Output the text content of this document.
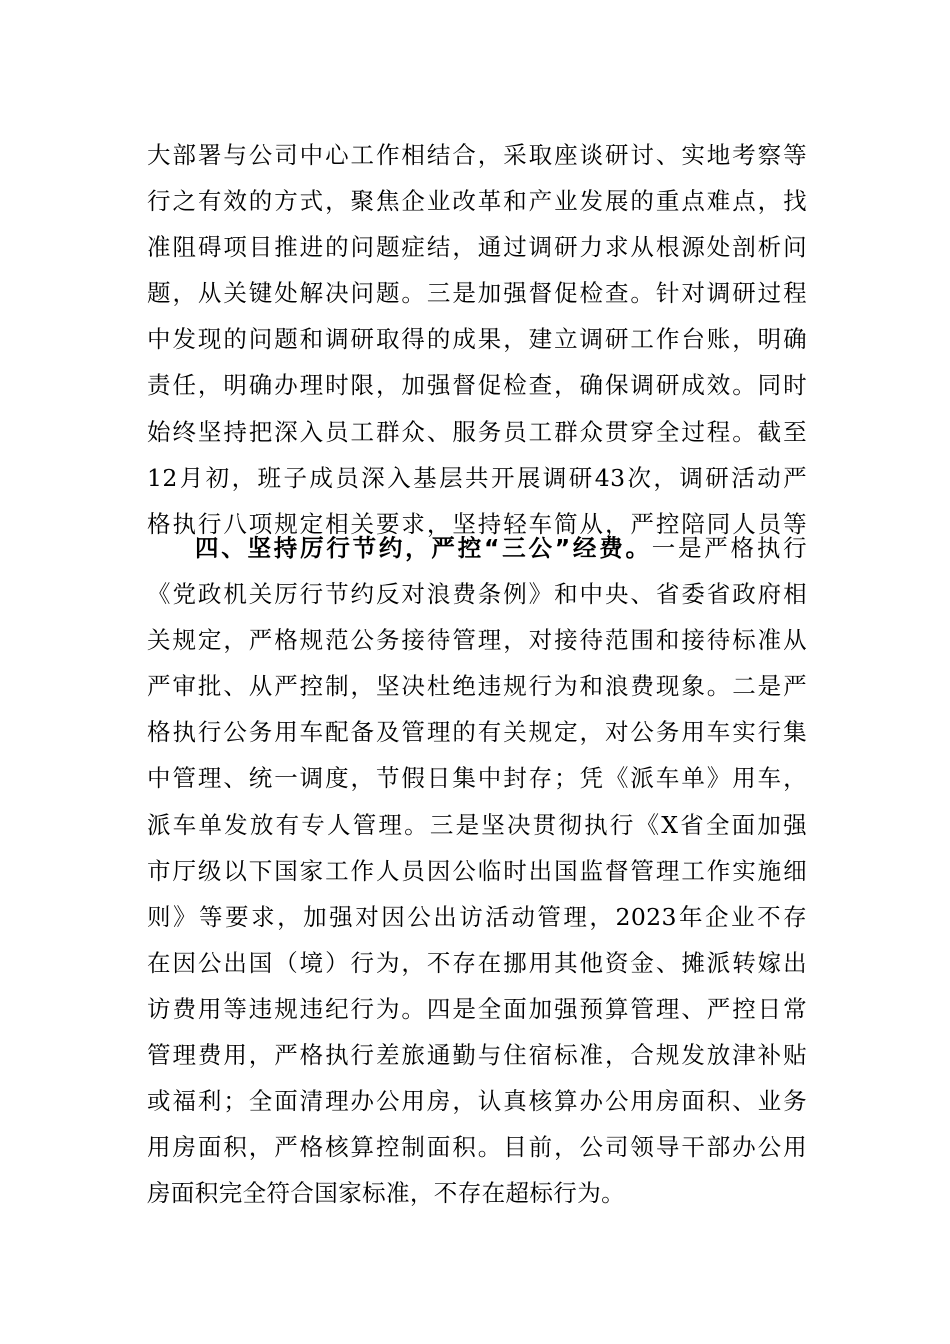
大部署与公司中心工作相结合，采取座谈研讨、实地考察等
行之有效的方式，聚焦企业改革和产业发展的重点难点，找
准阻碍项目推进的问题症结，通过调研力求从根源处剖析问
题，从关键处解决问题。三是加强督促检查。针对调研过程
中发现的问题和调研取得的成果，建立调研工作台账，明确
责任，明确办理时限，加强督促检查，确保调研成效。同时
始终坚持把深入员工群众、服务员工群众贯穿全过程。截至
12月初，班子成员深入基层共开展调研43次，调研活动严
格执行八项规定相关要求，坚持轻车简从，严控陪同人员等
四、坚持厉行节约，严控“三公”经费。一是严格执行
《党政机关厉行节约反对浪费条例》和中央、省委省政府相
关规定，严格规范公务接待管理，对接待范围和接待标准从
严审批、从严控制，坚决杜绝违规行为和浪费现象。二是严
格执行公务用车配备及管理的有关规定，对公务用车实行集
中管理、统一调度，节假日集中封存；凭《派车单》用车，
派车单发放有专人管理。三是坚决贯彻执行《X省全面加强
市厅级以下国家工作人员因公临时出国监督管理工作实施细
则》等要求，加强对因公出访活动管理，2023年企业不存
在因公出国（境）行为，不存在挪用其他资金、摊派转嫁出
访费用等违规违纪行为。四是全面加强预算管理、严控日常
管理费用，严格执行差旅通勤与住宿标准，合规发放津补贴
或福利；全面清理办公用房，认真核算办公用房面积、业务
用房面积，严格核算控制面积。目前，公司领导干部办公用
房面积完全符合国家标准，不存在超标行为。
